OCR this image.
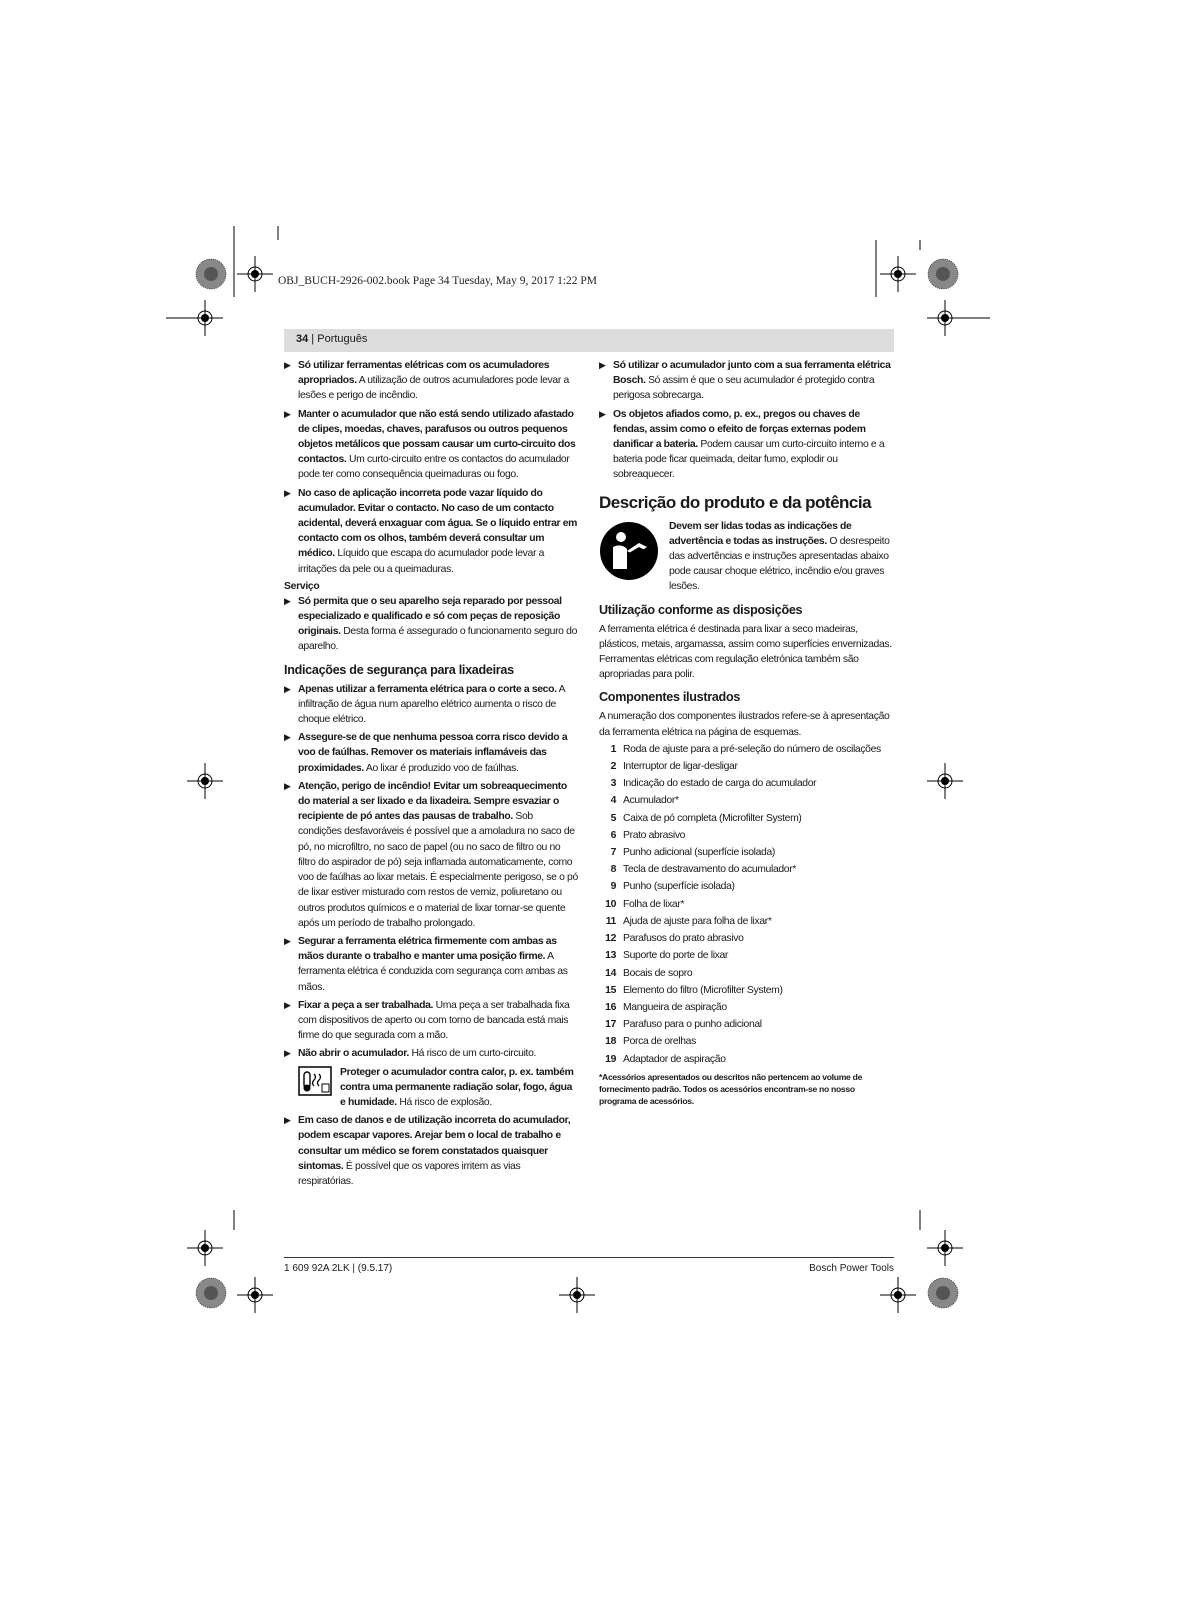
OBJ_BUCH-2926-002.book Page 34 Tuesday, May 9, 2017 1:22 PM
34 | Português

▶ Só utilizar ferramentas elétricas com os acumuladores apropriados. A utilização de outros acumuladores pode levar a lesões e perigo de incêndio.

▶ Manter o acumulador que não está sendo utilizado afastado de clipes, moedas, chaves, parafusos ou outros pequenos objetos metálicos que possam causar um curto-circuito dos contactos. Um curto-circuito entre os contactos do acumulador pode ter como consequência queimaduras ou fogo.

▶ No caso de aplicação incorreta pode vazar líquido do acumulador. Evitar o contacto. No caso de um contacto acidental, deverá enxaguar com água. Se o líquido entrar em contacto com os olhos, também deverá consultar um médico. Líquido que escapa do acumulador pode levar a irritações da pele ou a queimaduras.

Serviço

▶ Só permita que o seu aparelho seja reparado por pessoal especializado e qualificado e só com peças de reposição originais. Desta forma é assegurado o funcionamento seguro do aparelho.

Indicações de segurança para lixadeiras

▶ Apenas utilizar a ferramenta elétrica para o corte a seco. A infiltração de água num aparelho elétrico aumenta o risco de choque elétrico.

▶ Assegure-se de que nenhuma pessoa corra risco devido a voo de faúlhas. Remover os materiais inflamáveis das proximidades. Ao lixar é produzido voo de faúlhas.

▶ Atenção, perigo de incêndio! Evitar um sobreaquecimento do material a ser lixado e da lixadeira. Sempre esvaziar o recipiente de pó antes das pausas de trabalho. Sob condições desfavoráveis é possível que a amoladura no saco de pó, no microfiltro, no saco de papel (ou no saco de filtro ou no filtro do aspirador de pó) seja inflamada automaticamente, como voo de faúlhas ao lixar metais. É especialmente perigoso, se o pó de lixar estiver misturado com restos de verniz, poliuretano ou outros produtos químicos e o material de lixar tornar-se quente após um período de trabalho prolongado.

▶ Segurar a ferramenta elétrica firmemente com ambas as mãos durante o trabalho e manter uma posição firme. A ferramenta elétrica é conduzida com segurança com ambas as mãos.

▶ Fixar a peça a ser trabalhada. Uma peça a ser trabalhada fixa com dispositivos de aperto ou com torno de bancada está mais firme do que segurada com a mão.

▶ Não abrir o acumulador. Há risco de um curto-circuito.

Proteger o acumulador contra calor, p. ex. também contra uma permanente radiação solar, fogo, água e humidade. Há risco de explosão.

▶ Em caso de danos e de utilização incorreta do acumulador, podem escapar vapores. Arejar bem o local de trabalho e consultar um médico se forem constatados quaisquer sintomas. É possível que os vapores irritem as vias respiratórias.

▶ Só utilizar o acumulador junto com a sua ferramenta elétrica Bosch. Só assim é que o seu acumulador é protegido contra perigosa sobrecarga.

▶ Os objetos afiados como, p. ex., pregos ou chaves de fendas, assim como o efeito de forças externas podem danificar a bateria. Podem causar um curto-circuito interno e a bateria pode ficar queimada, deitar fumo, explodir ou sobreaquecer.

Descrição do produto e da potência
Devem ser lidas todas as indicações de advertência e todas as instruções. O desrespeito das advertências e instruções apresentadas abaixo pode causar choque elétrico, incêndio e/ou graves lesões.
Utilização conforme as disposições

A ferramenta elétrica é destinada para lixar a seco madeiras, plásticos, metais, argamassa, assim como superfícies envernizadas.

Ferramentas elétricas com regulação eletrónica também são apropriadas para polir.

Componentes ilustrados

A numeração dos componentes ilustrados refere-se à apresentação da ferramenta elétrica na página de esquemas.

1 Roda de ajuste para a pré-seleção do número de oscilações
2 Interruptor de ligar-desligar
3 Indicação do estado de carga do acumulador
4 Acumulador*
5 Caixa de pó completa (Microfilter System)
6 Prato abrasivo
7 Punho adicional (superfície isolada)
8 Tecla de destravamento do acumulador*
9 Punho (superfície isolada)
10 Folha de lixar*
11 Ajuda de ajuste para folha de lixar*
12 Parafusos do prato abrasivo
13 Suporte do porte de lixar
14 Bocais de sopro
15 Elemento do filtro (Microfilter System)
16 Mangueira de aspiração
17 Parafuso para o punho adicional
18 Porca de orelhas
19 Adaptador de aspiração
*Acessórios apresentados ou descritos não pertencem ao volume de fornecimento padrão. Todos os acessórios encontram-se no nosso programa de acessórios.
1 609 92A 2LK | (9.5.17)	Bosch Power Tools
